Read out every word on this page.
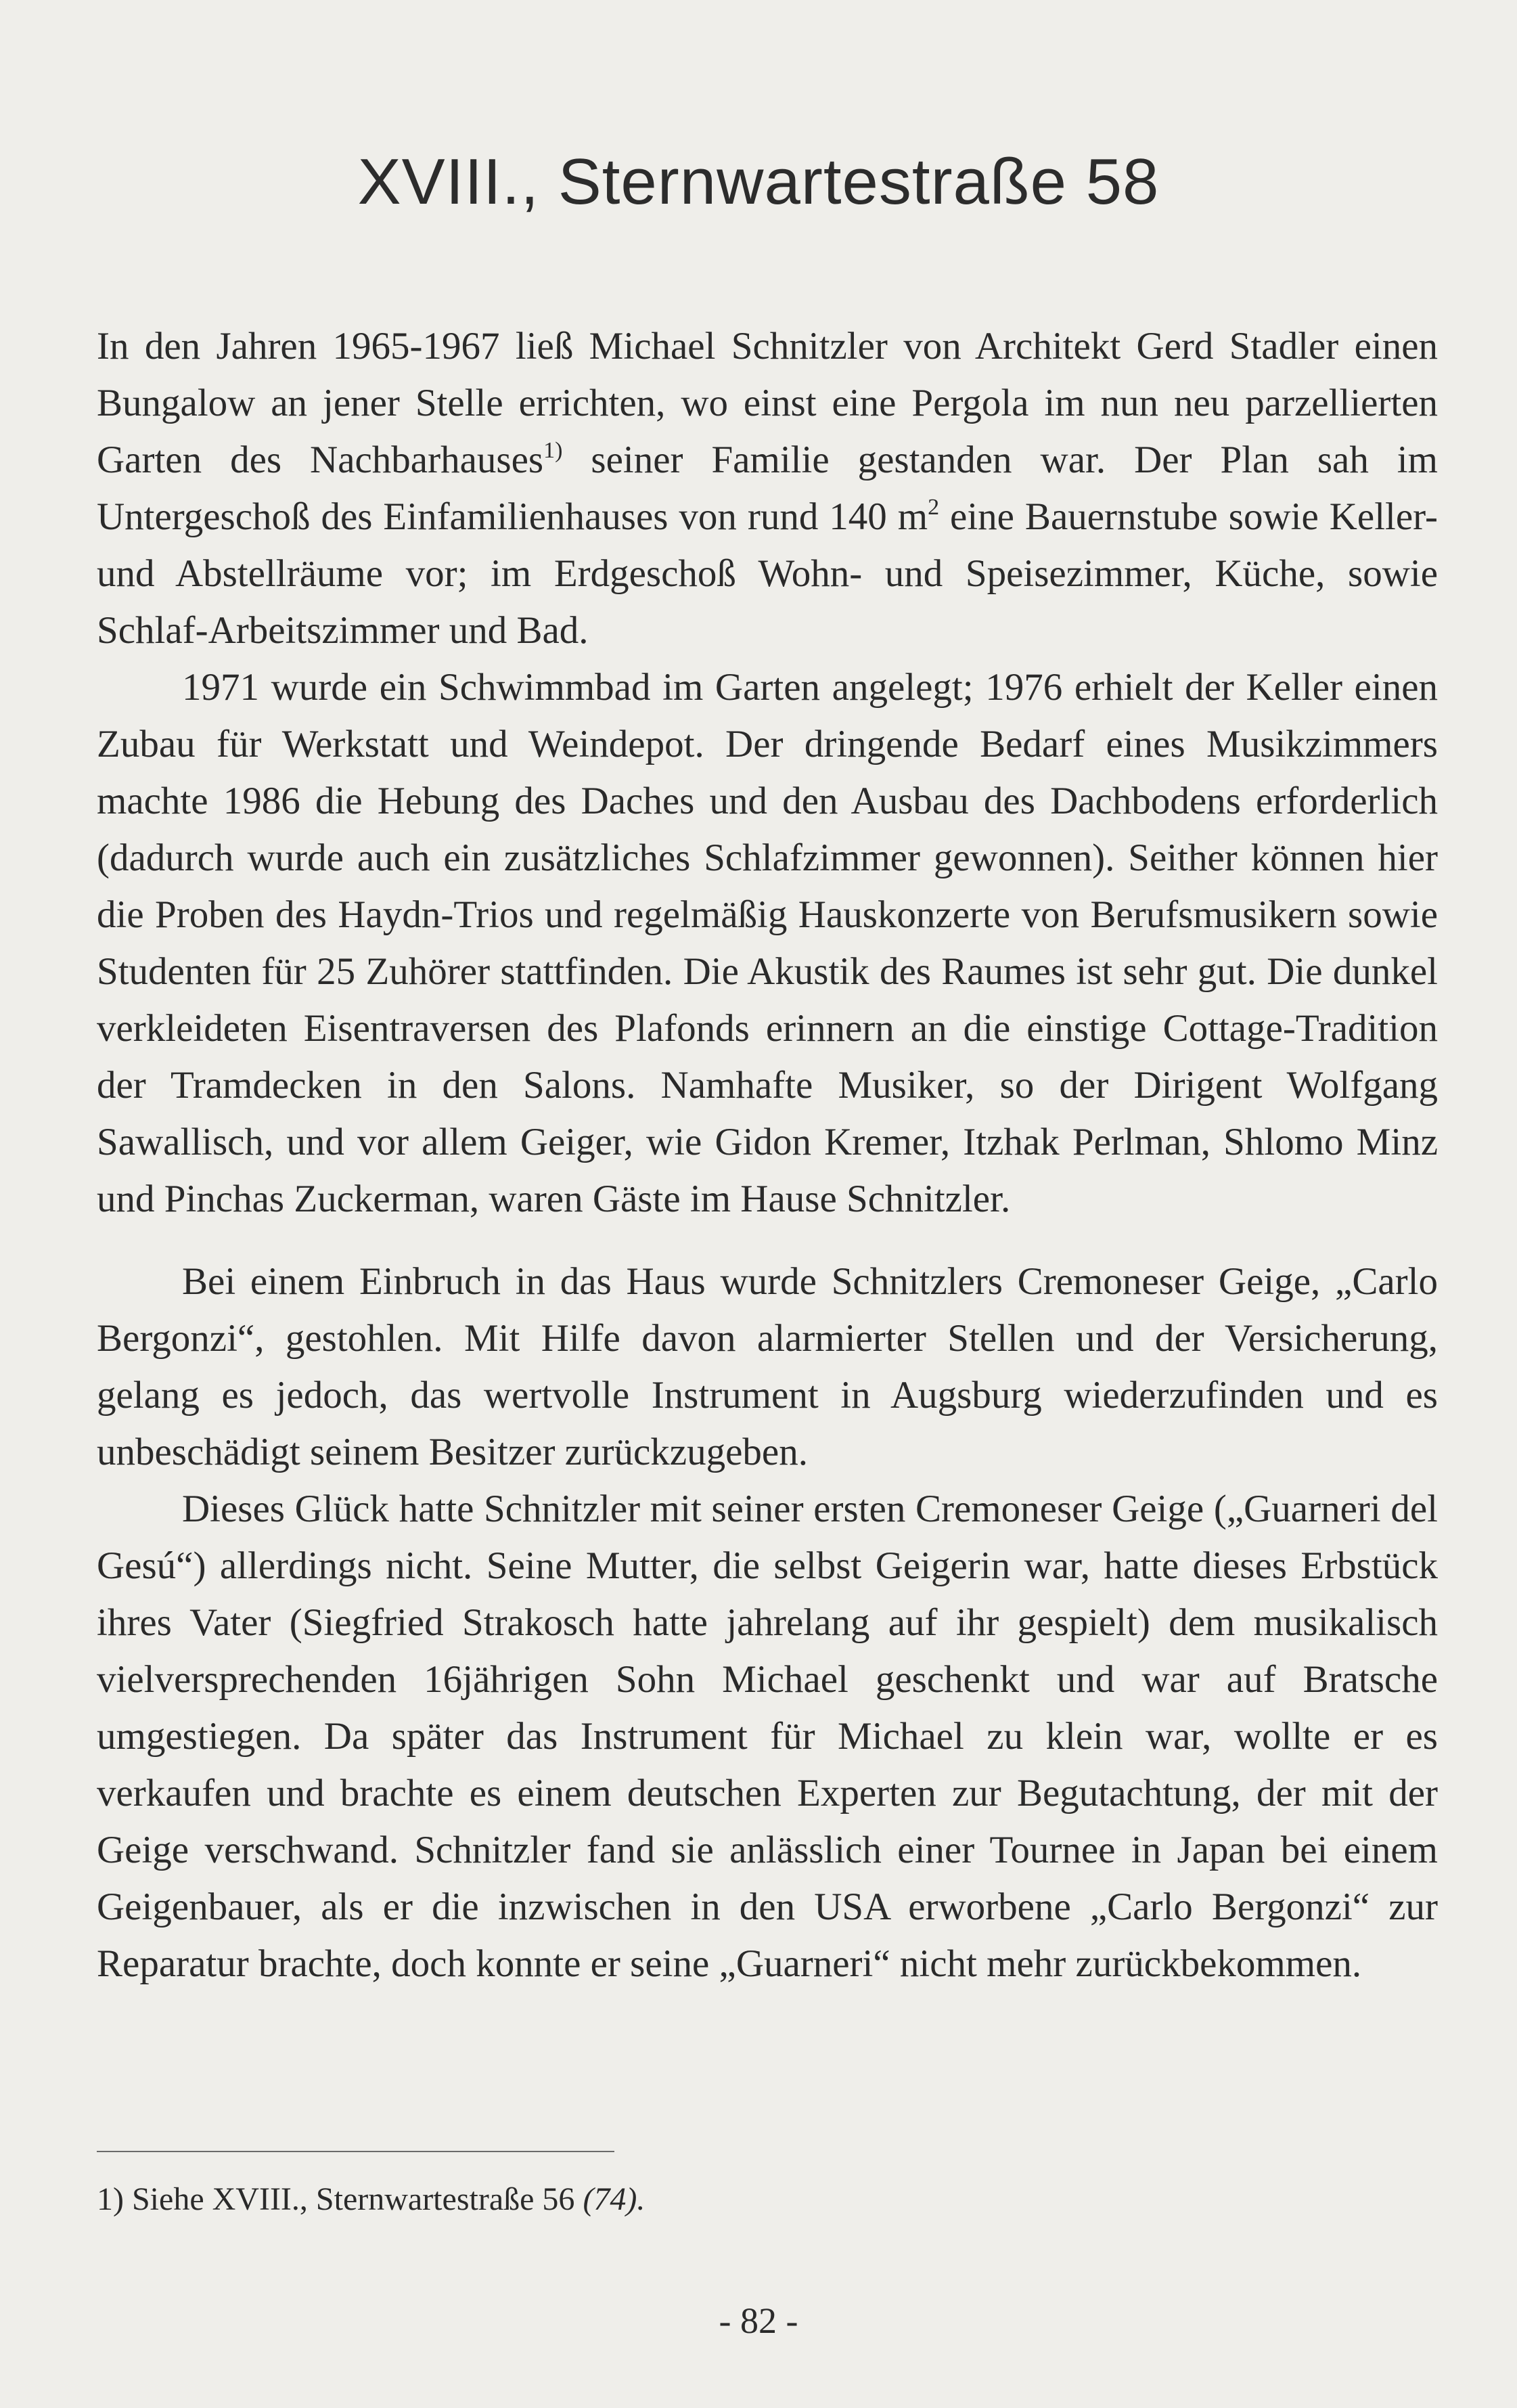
XVIII., Sternwartestraße 58

In den Jahren 1965-1967 ließ Michael Schnitzler von Architekt Gerd Stadler einen Bungalow an jener Stelle errichten, wo einst eine Pergola im nun neu parzellierten Garten des Nachbarhauses$^{1)}$ seiner Familie gestanden war. Der Plan sah im Untergeschoß des Einfamilienhauses von rund 140 $m^2$ eine Bauernstube sowie Keller- und Abstellräume vor; im Erdgeschoß Wohn- und Speisezimmer, Küche, sowie Schlaf-Arbeitszimmer und Bad.

1971 wurde ein Schwimmbad im Garten angelegt; 1976 erhielt der Keller einen Zubau für Werkstatt und Weindepot. Der dringende Bedarf eines Musikzimmers machte 1986 die Hebung des Daches und den Ausbau des Dachbodens erforderlich (dadurch wurde auch ein zusätzliches Schlafzimmer gewonnen). Seither können hier die Proben des Haydn-Trios und regelmäßig Hauskonzerte von Berufsmusikern sowie Studenten für 25 Zuhörer stattfinden. Die Akustik des Raumes ist sehr gut. Die dunkel verkleideten Eisentraversen des Plafonds erinnern an die einstige Cottage-Tradition der Tramdecken in den Salons. Namhafte Musiker, so der Dirigent Wolfgang Sawallisch, und vor allem Geiger, wie Gidon Kremer, Itzhak Perlman, Shlomo Minz und Pinchas Zuckerman, waren Gäste im Hause Schnitzler.

Bei einem Einbruch in das Haus wurde Schnitzlers Cremoneser Geige, „Carlo Bergonzi“, gestohlen. Mit Hilfe davon alarmierter Stellen und der Versicherung, gelang es jedoch, das wertvolle Instrument in Augsburg wiederzufinden und es unbeschädigt seinem Besitzer zurückzugeben.

Dieses Glück hatte Schnitzler mit seiner ersten Cremoneser Geige („Guarneri del Gesú“) allerdings nicht. Seine Mutter, die selbst Geigerin war, hatte dieses Erbstück ihres Vater (Siegfried Strakosch hatte jahrelang auf ihr gespielt) dem musikalisch vielversprechenden 16jährigen Sohn Michael geschenkt und war auf Bratsche umgestiegen. Da später das Instrument für Michael zu klein war, wollte er es verkaufen und brachte es einem deutschen Experten zur Begutachtung, der mit der Geige verschwand. Schnitzler fand sie anlässlich einer Tournee in Japan bei einem Geigenbauer, als er die inzwischen in den USA erworbene „Carlo Bergonzi“ zur Reparatur brachte, doch konnte er seine „Guarneri“ nicht mehr zurückbekommen.

1) Siehe XVIII., Sternwartestraße 56 (74).
- 82 -
